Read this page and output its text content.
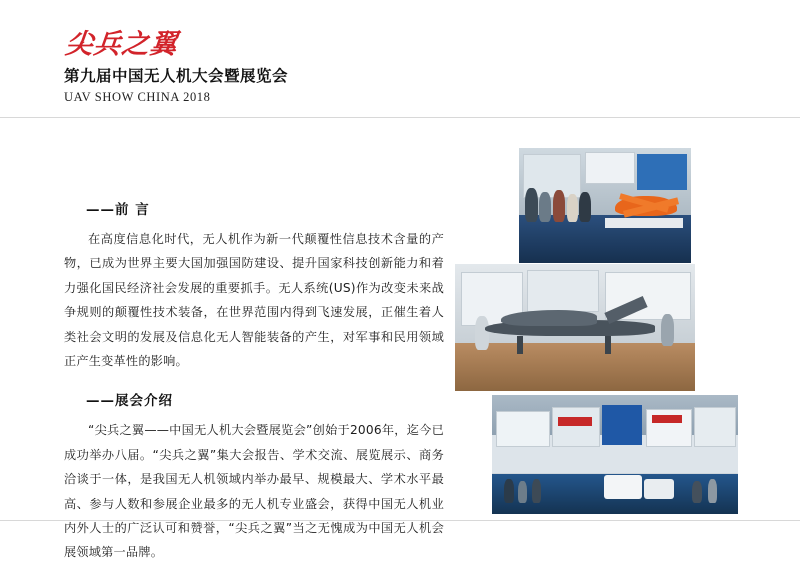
尖兵之翼
第九届中国无人机大会暨展览会
UAV SHOW CHINA 2018
——前 言
在高度信息化时代，无人机作为新一代颠覆性信息技术含量的产物，已成为世界主要大国加强国防建设、提升国家科技创新能力和着力强化国民经济社会发展的重要抓手。无人系统(US)作为改变未来战争规则的颠覆性技术装备，在世界范围内得到飞速发展，正催生着人类社会文明的发展及信息化无人智能装备的产生，对军事和民用领域正产生变革性的影响。
——展会介绍
“尖兵之翼——中国无人机大会暨展览会”创始于2006年，迄今已成功举办八届。“尖兵之翼”集大会报告、学术交流、展览展示、商务洽谈于一体，是我国无人机领域内举办最早、规模最大、学术水平最高、参与人数和参展企业最多的无人机专业盛会，获得中国无人机业内外人士的广泛认可和赞誉，“尖兵之翼”当之无愧成为中国无人机会展领域第一品牌。
